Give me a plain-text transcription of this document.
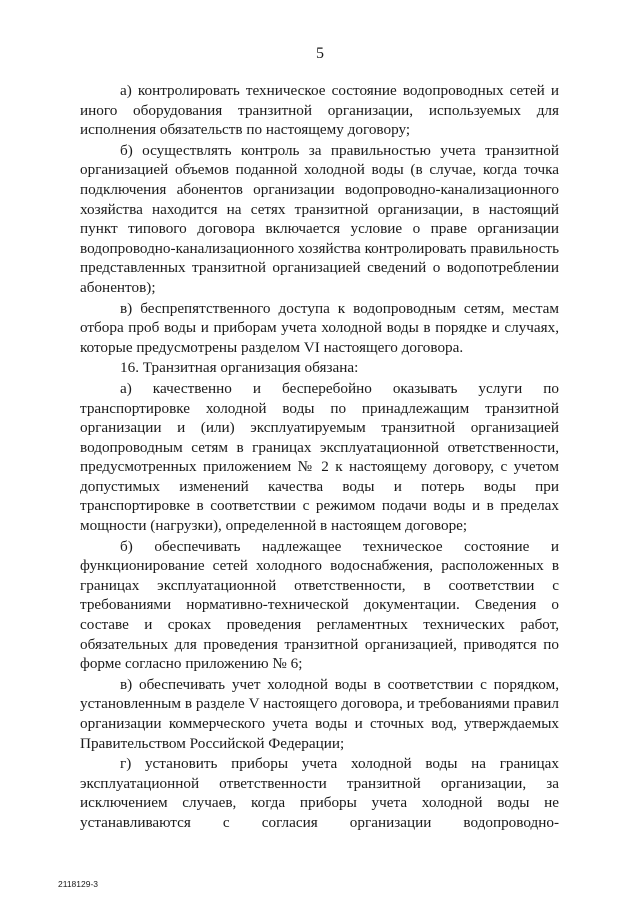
5

а) контролировать техническое состояние водопроводных сетей и иного оборудования транзитной организации, используемых для исполнения обязательств по настоящему договору;

б) осуществлять контроль за правильностью учета транзитной организацией объемов поданной холодной воды (в случае, когда точка подключения абонентов организации водопроводно-канализационного хозяйства находится на сетях транзитной организации, в настоящий пункт типового договора включается условие о праве организации водопроводно-канализационного хозяйства контролировать правильность представленных транзитной организацией сведений о водопотреблении абонентов);

в) беспрепятственного доступа к водопроводным сетям, местам отбора проб воды и приборам учета холодной воды в порядке и случаях, которые предусмотрены разделом VI настоящего договора.

16. Транзитная организация обязана:

а) качественно и бесперебойно оказывать услуги по транспортировке холодной воды по принадлежащим транзитной организации и (или) эксплуатируемым транзитной организацией водопроводным сетям в границах эксплуатационной ответственности, предусмотренных приложением № 2 к настоящему договору, с учетом допустимых изменений качества воды и потерь воды при транспортировке в соответствии с режимом подачи воды и в пределах мощности (нагрузки), определенной в настоящем договоре;

б) обеспечивать надлежащее техническое состояние и функционирование сетей холодного водоснабжения, расположенных в границах эксплуатационной ответственности, в соответствии с требованиями нормативно-технической документации. Сведения о составе и сроках проведения регламентных технических работ, обязательных для проведения транзитной организацией, приводятся по форме согласно приложению № 6;

в) обеспечивать учет холодной воды в соответствии с порядком, установленным в разделе V настоящего договора, и требованиями правил организации коммерческого учета воды и сточных вод, утверждаемых Правительством Российской Федерации;

г) установить приборы учета холодной воды на границах эксплуатационной ответственности транзитной организации, за исключением случаев, когда приборы учета холодной воды не устанавливаются с согласия организации водопроводно-

2118129-3
